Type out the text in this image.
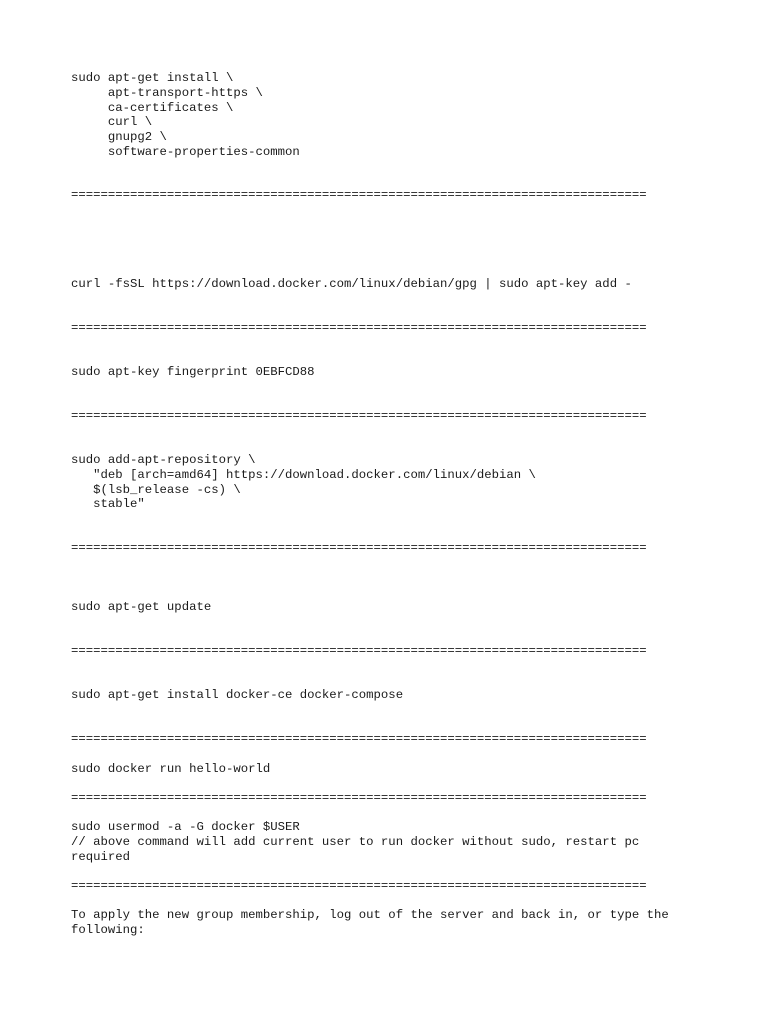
sudo apt-get install \
apt-transport-https \
ca-certificates \
curl \
gnupg2 \
software-properties-common
==============================================================================
curl -fsSL https://download.docker.com/linux/debian/gpg | sudo apt-key add -
==============================================================================
sudo apt-key fingerprint 0EBFCD88
==============================================================================
sudo add-apt-repository \
"deb [arch=amd64] https://download.docker.com/linux/debian \
$(lsb_release -cs) \
stable"
==============================================================================
sudo apt-get update
==============================================================================
sudo apt-get install docker-ce docker-compose
==============================================================================
sudo docker run hello-world
==============================================================================
sudo usermod -a -G docker $USER
// above command will add current user to run docker without sudo, restart pc
required
==============================================================================
To apply the new group membership, log out of the server and back in, or type the
following:
